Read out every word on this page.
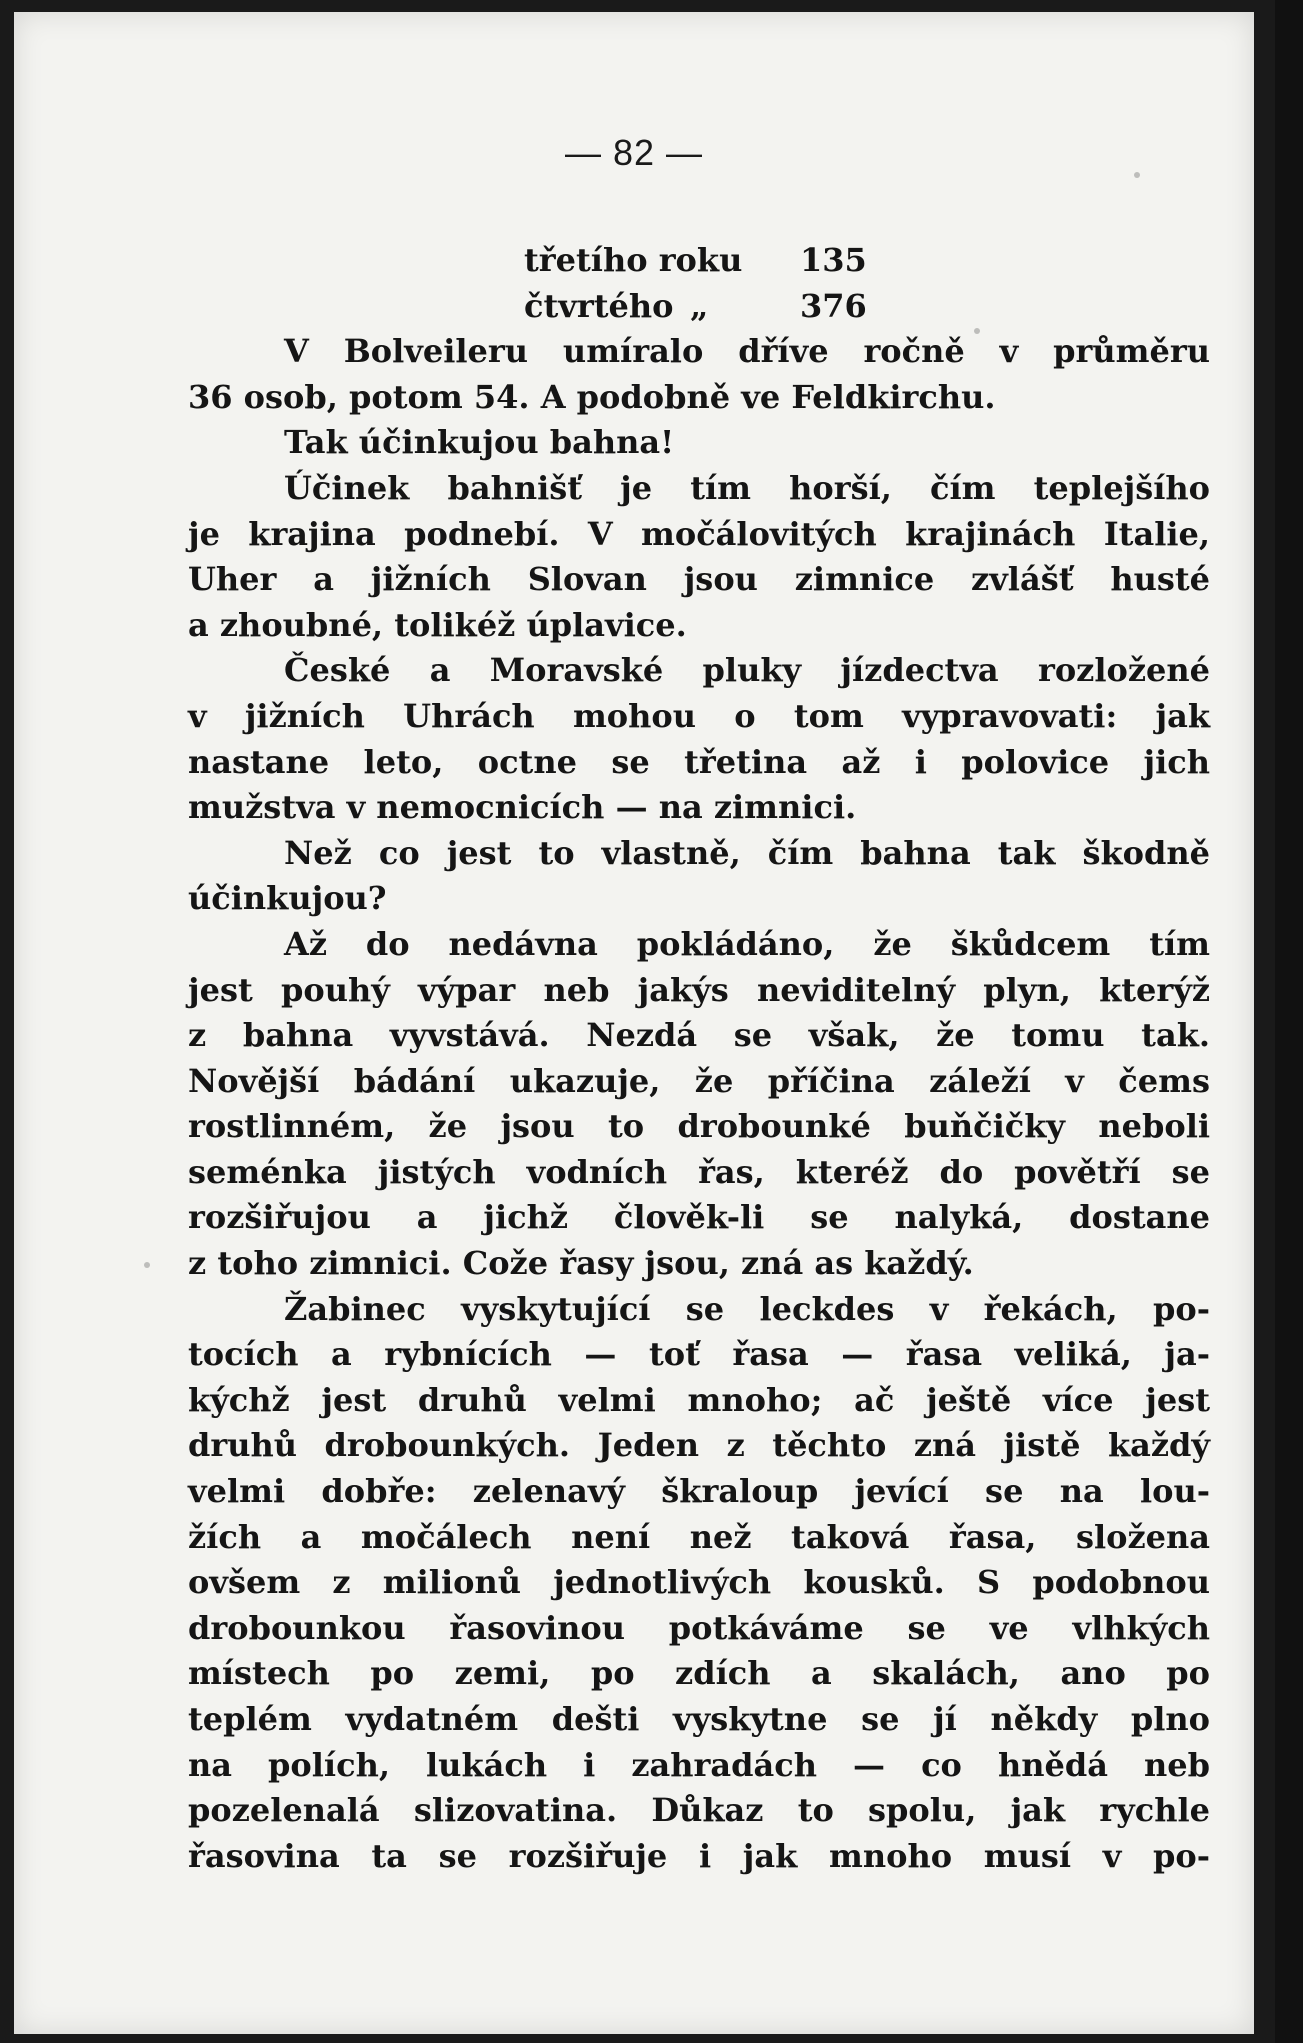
— 82 —
třetího roku 135
čtvrtého „	376
V Bolveileru umíralo dříve ročně v průměru
36 osob, potom 54. A podobně ve Feldkirchu.
Tak účinkujou bahna!
Účinek bahnišť je tím horší, čím teplejšího
je krajina podnebí. V močálovitých krajinách Italie,
Uher a jižních Slovan jsou zimnice zvlášť husté
a zhoubné, tolikéž úplavice.
České a Moravské pluky jízdectva rozložené
v jižních Uhrách mohou o tom vypravovati: jak
nastane leto, octne se třetina až i polovice jich
mužstva v nemocnicích — na zimnici.
Než co jest to vlastně, čím bahna tak škodně
účinkujou?
Až do nedávna pokládáno, že škůdcem tím
jest pouhý výpar neb jakýs neviditelný plyn, kterýž
z bahna vyvstává. Nezdá se však, že tomu tak.
Novější bádání ukazuje, že příčina záleží v čems
rostlinném, že jsou to drobounké buňčičky neboli
seménka jistých vodních řas, kteréž do povětří se
rozšiřujou a jichž člověk-li se nalyká, dostane
z toho zimnici. Cože řasy jsou, zná as každý.
Žabinec vyskytující se leckdes v řekách, po-
tocích a rybnících — toť řasa — řasa veliká, ja-
kýchž jest druhů velmi mnoho; ač ještě více jest
druhů drobounkých. Jeden z těchto zná jistě každý
velmi dobře: zelenavý škraloup jevící se na lou-
žích a močálech není než taková řasa, složena
ovšem z milionů jednotlivých kousků. S podobnou
drobounkou řasovinou potkáváme se ve vlhkých
místech po zemi, po zdích a skalách, ano po
teplém vydatném dešti vyskytne se jí někdy plno
na polích, lukách i zahradách — co hnědá neb
pozelenalá slizovatina. Důkaz to spolu, jak rychle
řasovina ta se rozšiřuje i jak mnoho musí v po-
